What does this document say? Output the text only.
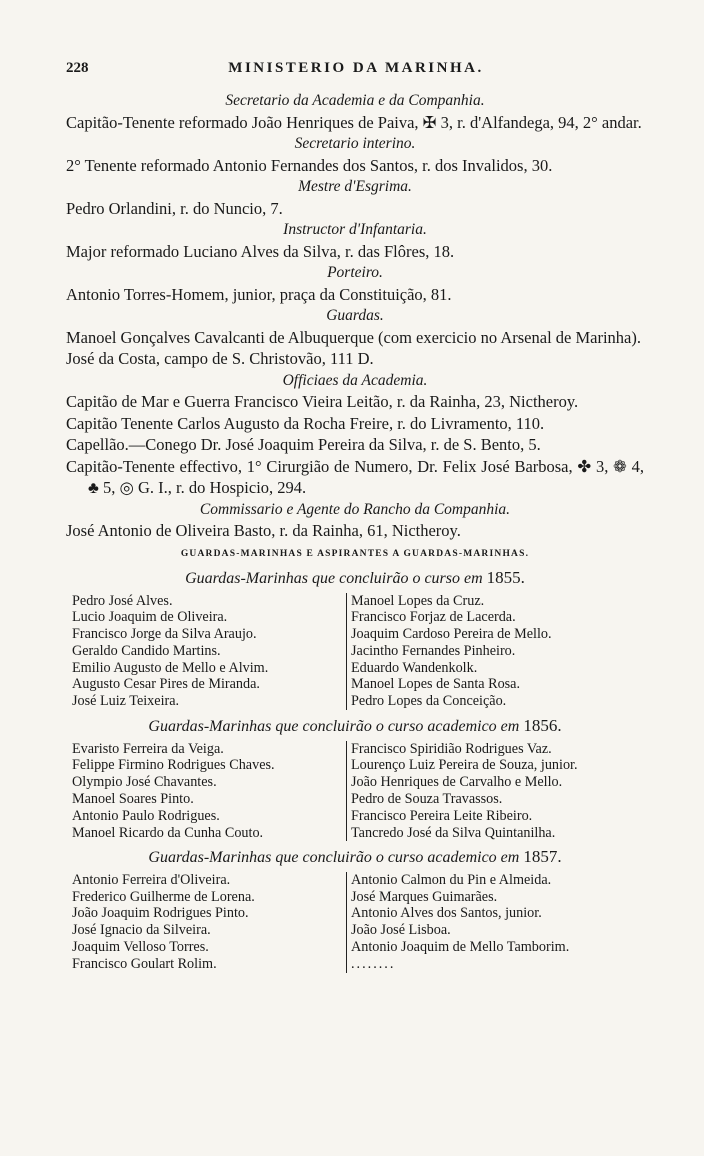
228	MINISTERIO DA MARINHA.
Secretario da Academia e da Companhia.
Capitão-Tenente reformado João Henriques de Paiva, ✠ 3, r. d'Alfandega, 94, 2° andar.
Secretario interino.
2° Tenente reformado Antonio Fernandes dos Santos, r. dos Invalidos, 30.
Mestre d'Esgrima.
Pedro Orlandini, r. do Nuncio, 7.
Instructor d'Infantaria.
Major reformado Luciano Alves da Silva, r. das Flôres, 18.
Porteiro.
Antonio Torres-Homem, junior, praça da Constituição, 81.
Guardas.
Manoel Gonçalves Cavalcanti de Albuquerque (com exercicio no Arsenal de Marinha).
José da Costa, campo de S. Christovão, 111 D.
Officiaes da Academia.
Capitão de Mar e Guerra Francisco Vieira Leitão, r. da Rainha, 23, Nictheroy.
Capitão Tenente Carlos Augusto da Rocha Freire, r. do Livramento, 110.
Capellão.—Conego Dr. José Joaquim Pereira da Silva, r. de S. Bento, 5.
Capitão-Tenente effectivo, 1° Cirurgião de Numero, Dr. Felix José Barbosa, ✤ 3, ❁ 4, ♣ 5, ◎ G. I., r. do Hospicio, 294.
Commissario e Agente do Rancho da Companhia.
José Antonio de Oliveira Basto, r. da Rainha, 61, Nictheroy.
GUARDAS-MARINHAS E ASPIRANTES A GUARDAS-MARINHAS.
Guardas-Marinhas que concluirão o curso em 1855.
Pedro José Alves.
Lucio Joaquim de Oliveira.
Francisco Jorge da Silva Araujo.
Geraldo Candido Martins.
Emilio Augusto de Mello e Alvim.
Augusto Cesar Pires de Miranda.
José Luiz Teixeira.
Manoel Lopes da Cruz.
Francisco Forjaz de Lacerda.
Joaquim Cardoso Pereira de Mello.
Jacintho Fernandes Pinheiro.
Eduardo Wandenkolk.
Manoel Lopes de Santa Rosa.
Pedro Lopes da Conceição.
Guardas-Marinhas que concluirão o curso academico em 1856.
Evaristo Ferreira da Veiga.
Felippe Firmino Rodrigues Chaves.
Olympio José Chavantes.
Manoel Soares Pinto.
Antonio Paulo Rodrigues.
Manoel Ricardo da Cunha Couto.
Francisco Spiridião Rodrigues Vaz.
Lourenço Luiz Pereira de Souza, junior.
João Henriques de Carvalho e Mello.
Pedro de Souza Travassos.
Francisco Pereira Leite Ribeiro.
Tancredo José da Silva Quintanilha.
Guardas-Marinhas que concluirão o curso academico em 1857.
Antonio Ferreira d'Oliveira.
Frederico Guilherme de Lorena.
João Joaquim Rodrigues Pinto.
José Ignacio da Silveira.
Joaquim Velloso Torres.
Francisco Goulart Rolim.
Antonio Calmon du Pin e Almeida.
José Marques Guimarães.
Antonio Alves dos Santos, junior.
João José Lisboa.
Antonio Joaquim de Mello Tamborim.
........
